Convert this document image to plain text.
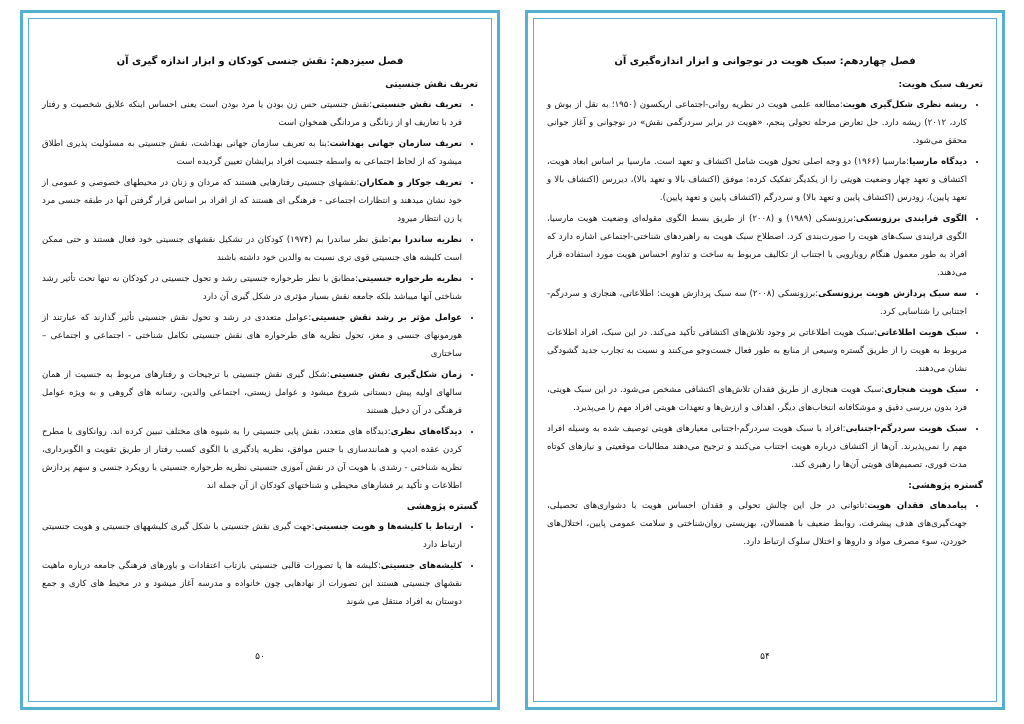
فصل سیزدهم: نقش جنسی کودکان و ابزار اندازه گیری آن
تعریف نقش جنسیتی
• تعریف نقش جنسیتی:نقش جنسیتی حس زن بودن یا مرد بودن است یعنی احساس اینکه علایق شخصیت و رفتار فرد با تعاریف او از زنانگی و مردانگی همخوان است
• تعریف سازمان جهانی بهداشت:بنا به تعریف سازمان جهانی بهداشت، نقش جنسیتی به مسئولیت پذیری اطلاق میشود که از لحاظ اجتماعی به واسطه جنسیت افراد برایشان تعیین گردیده است
• تعریف جوکار و همکاران:نقشهای جنسیتی رفتارهایی هستند که مردان و زنان در محیطهای خصوصی و عمومی از خود نشان میدهند و انتظارات اجتماعی - فرهنگی ای هستند که از افراد بر اساس قرار گرفتن آنها در طبقه جنسی مرد یا زن انتظار میرود
• نظریه ساندرا بم:طبق نظر ساندرا بم (۱۹۷۴) کودکان در تشکیل نقشهای جنسیتی خود فعال هستند و حتی ممکن است کلیشه های جنسیتی قوی تری نسبت به والدین خود داشته باشند
• نظریه طرحواره جنسیتی:مطابق با نظر طرحواره جنسیتی رشد و تحول جنسیتی در کودکان نه تنها تحت تأثیر رشد شناختی آنها میباشد بلکه جامعه نقش بسیار مؤثری در شکل گیری آن دارد
• عوامل مؤثر بر رشد نقش جنسیتی:عوامل متعددی در رشد و تحول نقش جنسیتی تأثیر گذارند که عبارتند از هورمونهای جنسی و مغز، تحول نظریه های طرحواره های نقش جنسیتی تکامل شناختی - اجتماعی و اجتماعی – ساختاری
• زمان شکل‌گیری نقش جنسیتی:شکل گیری نقش جنسیتی با ترجیحات و رفتارهای مربوط به جنسیت از همان سالهای اولیه پیش دبستانی شروع میشود و عوامل زیستی، اجتماعی والدین، رسانه های گروهی و به ویژه عوامل فرهنگی در آن دخیل هستند
• دیدگاه‌های نظری:دیدگاه های متعدد، نقش پایی جنسیتی را به شیوه های مختلف تبیین کرده اند. روانکاوی با مطرح کردن عقده ادیپ و همانندسازی با جنس موافق، نظریه یادگیری با الگوی کسب رفتار از طریق تقویت و الگوبرداری، نظریه شناختی - رشدی با هویت آن در نقش آموزی جنسیتی نظریه طرحواره جنسیتی با رویکرد جنسی و سهم پردازش اطلاعات و تأکید بر فشارهای محیطی و شناختهای کودکان از آن جمله اند
گستره پژوهشی
• ارتباط با کلیشه‌ها و هویت جنسیتی:جهت گیری نقش جنسیتی با شکل گیری کلیشههای جنسیتی و هویت جنسیتی ارتباط دارد
• کلیشه‌های جنسیتی:کلیشه ها یا تصورات قالبی جنسیتی بازتاب اعتقادات و باورهای فرهنگی جامعه درباره ماهیت نقشهای جنسیتی هستند این تصورات از نهادهایی چون خانواده و مدرسه آغاز میشود و در محیط های کاری و جمع دوستان به افراد منتقل می شوند
۵۰
فصل چهاردهم: سبک هویت در نوجوانی و ابزار اندازه‌گیری آن
تعریف سبک هویت:
• ریشه نظری شکل‌گیری هویت:مطالعه علمی هویت در نظریه روانی-اجتماعی اریکسون (۱۹۵۰؛ به نقل از بوش و کارد، ۲۰۱۲) ریشه دارد. حل تعارض مرحله تحولی پنجم، «هویت در برابر سردرگمی نقش» در نوجوانی و آغاز جوانی محقق می‌شود.
• دیدگاه مارسیا:مارسیا (۱۹۶۶) دو وجه اصلی تحول هویت شامل اکتشاف و تعهد است. مارسیا بر اساس ابعاد هویت، اکتشاف و تعهد چهار وضعیت هویتی را از یکدیگر تفکیک کرده: موفق (اکتشاف بالا و تعهد بالا)، دیررس (اکتشاف بالا و تعهد پایین)، زودرس (اکتشاف پایین و تعهد بالا) و سردرگم (اکتشاف پایین و تعهد پایین).
• الگوی فرایندی برزونسکی:برزونسکی (۱۹۸۹) و (۲۰۰۸) از طریق بسط الگوی مقوله‌ای وضعیت هویت مارسیا، الگوی فرایندی سبک‌های هویت را صورت‌بندی کرد. اصطلاح سبک هویت به راهبردهای شناختی-اجتماعی اشاره دارد که افراد به طور معمول هنگام روبارویی با اجتناب از تکالیف مربوط به ساخت و تداوم احساس هویت مورد استفاده قرار می‌دهند.
• سه سبک پردازش هویت برزونسکی:برزونسکی (۲۰۰۸) سه سبک پردازش هویت: اطلاعاتی، هنجاری و سردرگم-اجتنابی را شناسایی کرد.
• سبک هویت اطلاعاتی:سبک هویت اطلاعاتی بر وجود تلاش‌های اکتشافی تأکید می‌کند. در این سبک، افراد اطلاعات مربوط به هویت را از طریق گستره وسیعی از منابع به طور فعال جست‌وجو می‌کنند و نسبت به تجارب جدید گشودگی نشان می‌دهند.
• سبک هویت هنجاری:سبک هویت هنجاری از طریق فقدان تلاش‌های اکتشافی مشخص می‌شود. در این سبک هویتی، فرد بدون بررسی دقیق و موشکافانه انتخاب‌های دیگر، اهداف و ارزش‌ها و تعهدات هویتی افراد مهم را می‌پذیرد.
• سبک هویت سردرگم-اجتنابی:افراد با سبک هویت سردرگم-اجتنابی معیارهای هویتی توصیف شده به وسیله افراد مهم را نمی‌پذیرند. آن‌ها از اکتشاف درباره هویت اجتناب می‌کنند و ترجیح می‌دهند مطالبات موقعیتی و نیازهای کوتاه مدت فوری، تصمیم‌های هویتی آن‌ها را رهبری کند.
گستره پژوهشی:
• پیامدهای فقدان هویت:ناتوانی در حل این چالش تحولی و فقدان احساس هویت با دشواری‌های تحصیلی، جهت‌گیری‌های هدف پیشرفت، روابط ضعیف با همسالان، بهزیستی روان‌شناختی و سلامت عمومی پایین، اختلال‌های خوردن، سوء مصرف مواد و داروها و اختلال سلوک ارتباط دارد.
۵۴
